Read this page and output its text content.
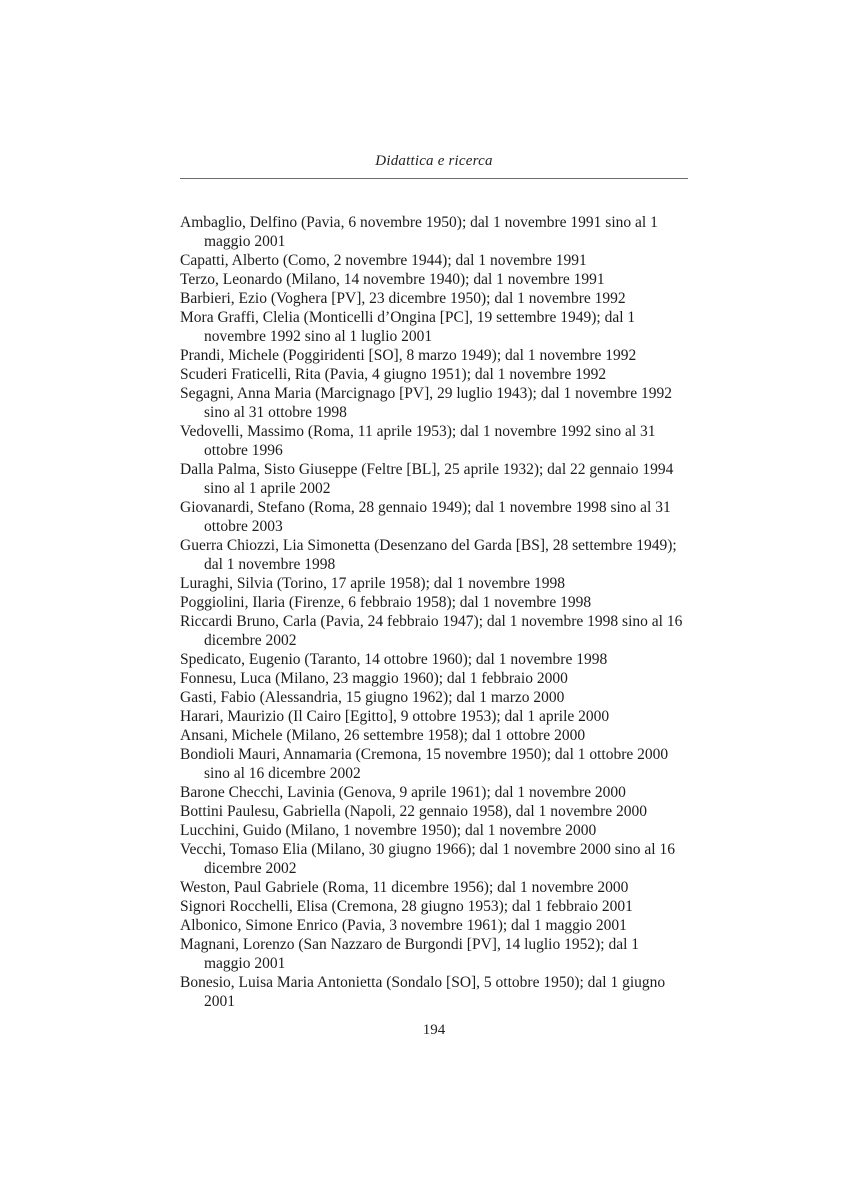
Didattica e ricerca

Ambaglio, Delfino (Pavia, 6 novembre 1950); dal 1 novembre 1991 sino al 1 maggio 2001

Capatti, Alberto (Como, 2 novembre 1944); dal 1 novembre 1991

Terzo, Leonardo (Milano, 14 novembre 1940); dal 1 novembre 1991

Barbieri, Ezio (Voghera [PV], 23 dicembre 1950); dal 1 novembre 1992

Mora Graffi, Clelia (Monticelli d’Ongina [PC], 19 settembre 1949); dal 1 novembre 1992 sino al 1 luglio 2001

Prandi, Michele (Poggiridenti [SO], 8 marzo 1949); dal 1 novembre 1992

Scuderi Fraticelli, Rita (Pavia, 4 giugno 1951); dal 1 novembre 1992

Segagni, Anna Maria (Marcignago [PV], 29 luglio 1943); dal 1 novembre 1992 sino al 31 ottobre 1998

Vedovelli, Massimo (Roma, 11 aprile 1953); dal 1 novembre 1992 sino al 31 ottobre 1996

Dalla Palma, Sisto Giuseppe (Feltre [BL], 25 aprile 1932); dal 22 gennaio 1994 sino al 1 aprile 2002

Giovanardi, Stefano (Roma, 28 gennaio 1949); dal 1 novembre 1998 sino al 31 ottobre 2003

Guerra Chiozzi, Lia Simonetta (Desenzano del Garda [BS], 28 settembre 1949); dal 1 novembre 1998

Luraghi, Silvia (Torino, 17 aprile 1958); dal 1 novembre 1998

Poggiolini, Ilaria (Firenze, 6 febbraio 1958); dal 1 novembre 1998

Riccardi Bruno, Carla (Pavia, 24 febbraio 1947); dal 1 novembre 1998 sino al 16 dicembre 2002

Spedicato, Eugenio (Taranto, 14 ottobre 1960); dal 1 novembre 1998

Fonnesu, Luca (Milano, 23 maggio 1960); dal 1 febbraio 2000

Gasti, Fabio (Alessandria, 15 giugno 1962); dal 1 marzo 2000

Harari, Maurizio (Il Cairo [Egitto], 9 ottobre 1953); dal 1 aprile 2000

Ansani, Michele (Milano, 26 settembre 1958); dal 1 ottobre 2000

Bondioli Mauri, Annamaria (Cremona, 15 novembre 1950); dal 1 ottobre 2000 sino al 16 dicembre 2002

Barone Checchi, Lavinia (Genova, 9 aprile 1961); dal 1 novembre 2000

Bottini Paulesu, Gabriella (Napoli, 22 gennaio 1958), dal 1 novembre 2000

Lucchini, Guido (Milano, 1 novembre 1950); dal 1 novembre 2000

Vecchi, Tomaso Elia (Milano, 30 giugno 1966); dal 1 novembre 2000 sino al 16 dicembre 2002

Weston, Paul Gabriele (Roma, 11 dicembre 1956); dal 1 novembre 2000

Signori Rocchelli, Elisa (Cremona, 28 giugno 1953); dal 1 febbraio 2001

Albonico, Simone Enrico (Pavia, 3 novembre 1961); dal 1 maggio 2001

Magnani, Lorenzo (San Nazzaro de Burgondi [PV], 14 luglio 1952); dal 1 maggio 2001

Bonesio, Luisa Maria Antonietta (Sondalo [SO], 5 ottobre 1950); dal 1 giugno 2001

194
